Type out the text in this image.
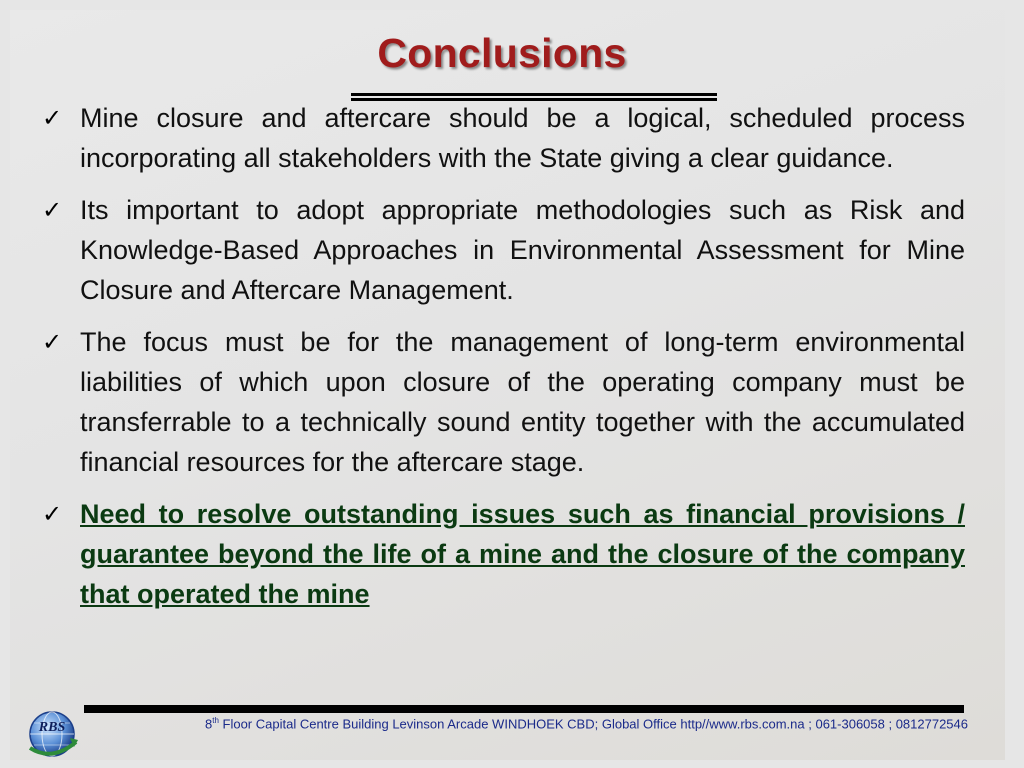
Conclusions
✓ Mine closure and aftercare should be a logical, scheduled process incorporating all stakeholders with the State giving a clear guidance.
✓ Its important to adopt appropriate methodologies such as Risk and Knowledge-Based Approaches in Environmental Assessment for Mine Closure and Aftercare Management.
✓ The focus must be for the management of long-term environmental liabilities of which upon closure of the operating company must be transferrable to a technically sound entity together with the accumulated financial resources for the aftercare stage.
✓ Need to resolve outstanding issues such as financial provisions / guarantee beyond the life of a mine and the closure of the company that operated the mine
RBS	8th Floor Capital Centre Building Levinson Arcade WINDHOEK CBD; Global Office http//www.rbs.com.na ; 061-306058 ; 0812772546
